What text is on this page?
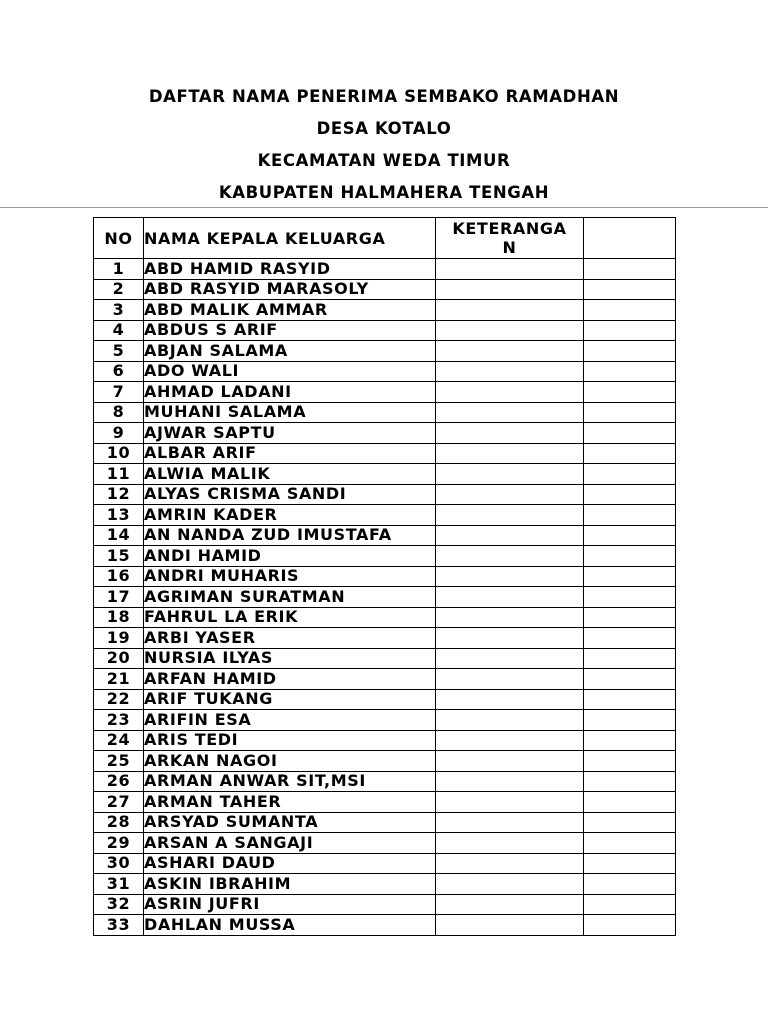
DAFTAR NAMA PENERIMA SEMBAKO RAMADHAN
DESA KOTALO
KECAMATAN WEDA TIMUR
KABUPATEN HALMAHERA TENGAH
NO	NAMA KEPALA KELUARGA	KETERANGA
N	
1	ABD HAMID RASYID		
2	ABD RASYID MARASOLY		
3	ABD MALIK AMMAR		
4	ABDUS S ARIF		
5	ABJAN SALAMA		
6	ADO WALI		
7	AHMAD LADANI		
8	MUHANI SALAMA		
9	AJWAR SAPTU		
10	ALBAR ARIF		
11	ALWIA MALIK		
12	ALYAS CRISMA SANDI		
13	AMRIN KADER		
14	AN NANDA ZUD IMUSTAFA		
15	ANDI HAMID		
16	ANDRI MUHARIS		
17	AGRIMAN SURATMAN		
18	FAHRUL LA ERIK		
19	ARBI YASER		
20	NURSIA ILYAS		
21	ARFAN HAMID		
22	ARIF TUKANG		
23	ARIFIN ESA		
24	ARIS TEDI		
25	ARKAN NAGOI		
26	ARMAN ANWAR SIT,MSI		
27	ARMAN TAHER		
28	ARSYAD SUMANTA		
29	ARSAN A SANGAJI		
30	ASHARI DAUD		
31	ASKIN IBRAHIM		
32	ASRIN JUFRI		
33	DAHLAN MUSSA		
